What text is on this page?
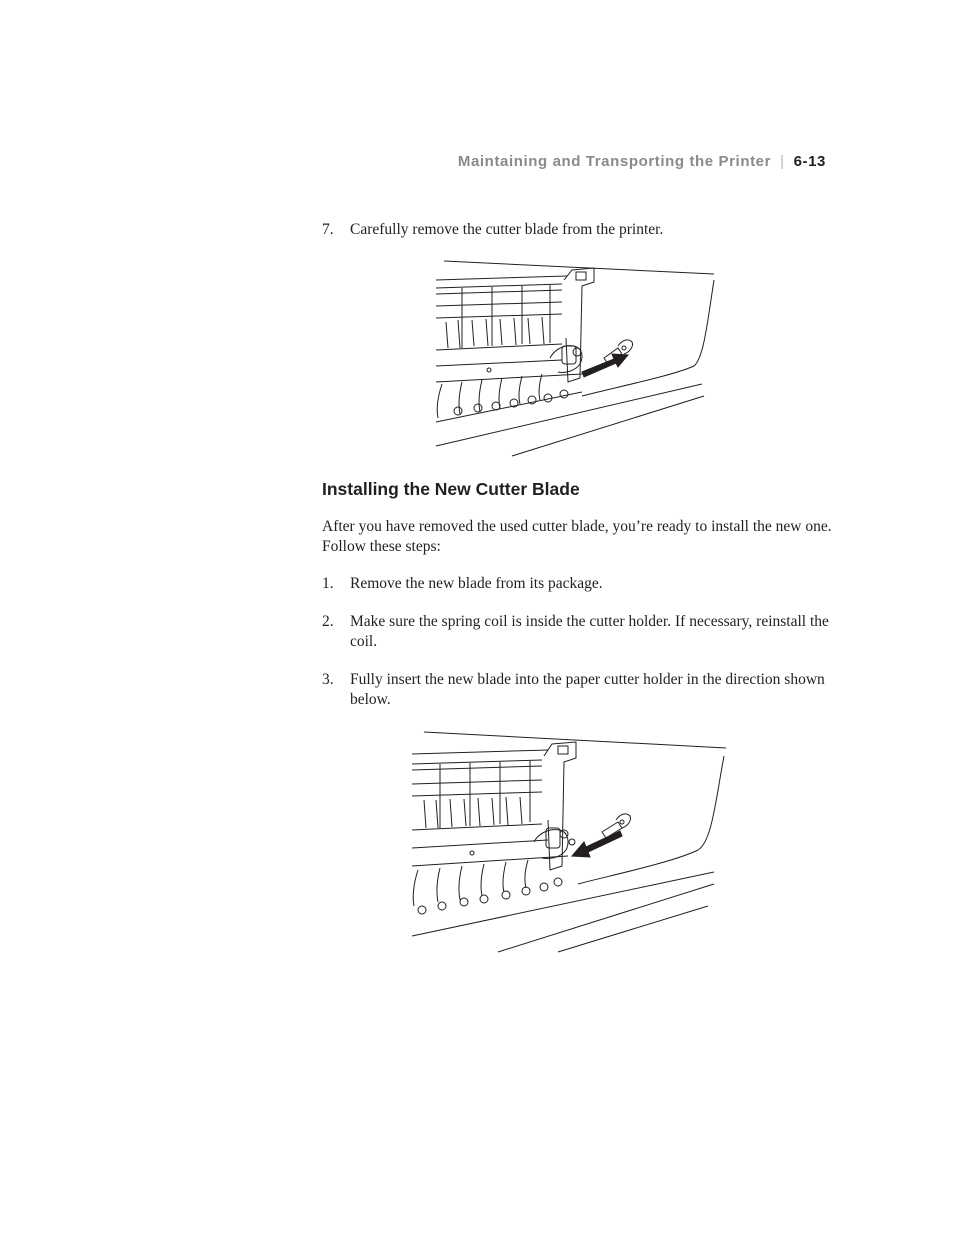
Maintaining and Transporting the Printer | 6-13
7. Carefully remove the cutter blade from the printer.
Installing the New Cutter Blade
After you have removed the used cutter blade, you’re ready to install the new one. Follow these steps:
1. Remove the new blade from its package.
2. Make sure the spring coil is inside the cutter holder. If necessary, reinstall the coil.
3. Fully insert the new blade into the paper cutter holder in the direction shown below.
